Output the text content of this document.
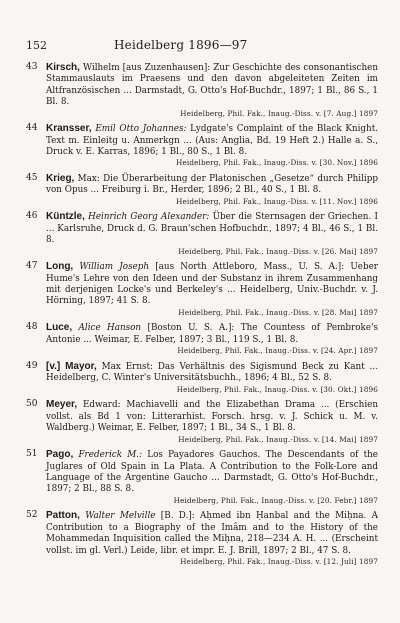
152	Heidelberg 1896—97
43 Kirsch, Wilhelm [aus Zuzenhausen]: Zur Geschichte des consonantischen Stammauslauts im Praesens und den davon abgeleiteten Zeiten im Altfranzösischen ... Darmstadt, G. Otto's Hof-Buchdr., 1897; 1 Bl., 86 S., 1 Bl. 8.
Heidelberg, Phil. Fak., Inaug.-Diss. v. [7. Aug.] 1897
44 Kransser, Emil Otto Johannes: Lydgate's Complaint of the Black Knight. Text m. Einleitg u. Anmerkgn ... (Aus: Anglia, Bd. 19 Heft 2.) Halle a. S., Druck v. E. Karras, 1896; 1 Bl., 80 S., 1 Bl. 8.
Heidelberg, Phil. Fak., Inaug.-Diss. v. [30. Nov.] 1896
45 Krieg, Max: Die Überarbeitung der Platonischen „Gesetze“ durch Philipp von Opus ... Freiburg i. Br., Herder, 1896; 2 Bl., 40 S., 1 Bl. 8.
Heidelberg, Phil. Fak., Inaug.-Diss. v. [11. Nov.] 1896
46 Küntzle, Heinrich Georg Alexander: Über die Sternsagen der Griechen. I ... Karlsruhe, Druck d. G. Braun'schen Hofbuchdr., 1897; 4 Bl., 46 S., 1 Bl. 8.
Heidelberg, Phil. Fak., Inaug.-Diss. v. [26. Mai] 1897
47 Long, William Joseph [aus North Attleboro, Mass., U. S. A.]: Ueber Hume's Lehre von den Ideen und der Substanz in ihrem Zusammenhang mit derjenigen Locke's und Berkeley's ... Heidelberg, Univ.-Buchdr. v. J. Hörning, 1897; 41 S. 8.
Heidelberg, Phil. Fak., Inaug.-Diss. v. [28. Mai] 1897
48 Luce, Alice Hanson [Boston U. S. A.]: The Countess of Pembroke's Antonie ... Weimar, E. Felber, 1897; 3 Bl., 119 S., 1 Bl. 8.
Heidelberg, Phil. Fak., Inaug.-Diss. v. [24. Apr.] 1897
49 [v.] Mayor, Max Ernst: Das Verhältnis des Sigismund Beck zu Kant ... Heidelberg, C. Winter's Universitätsbuchh., 1896; 4 Bl., 52 S. 8.
Heidelberg, Phil. Fak., Inaug.-Diss. v. [30. Okt.] 1896
50 Meyer, Edward: Machiavelli and the Elizabethan Drama ... (Erschien vollst. als Bd 1 von: Litterarhist. Forsch. hrsg. v. J. Schick u. M. v. Waldberg.) Weimar, E. Felber, 1897; 1 Bl., 34 S., 1 Bl. 8.
Heidelberg, Phil. Fak., Inaug.-Diss. v. [14. Mai] 1897
51 Pago, Frederick M.: Los Payadores Gauchos. The Descendants of the Juglares of Old Spain in La Plata. A Contribution to the Folk-Lore and Language of the Argentine Gaucho ... Darmstadt, G. Otto's Hof-Buchdr., 1897; 2 Bl., 88 S. 8.
Heidelberg, Phil. Fak., Inaug.-Diss. v. [20. Febr.] 1897
52 Patton, Walter Melville [B. D.]: Aḥmed ibn Ḥanbal and the Miḥna. A Contribution to a Biography of the Imâm and to the History of the Mohammedan Inquisition called the Miḥna, 218—234 A. H. ... (Erscheint vollst. im gl. Verl.) Leide, libr. et impr. E. J. Brill, 1897; 2 Bl., 47 S. 8.
Heidelberg, Phil. Fak., Inaug.-Diss. v. [12. Juli] 1897
